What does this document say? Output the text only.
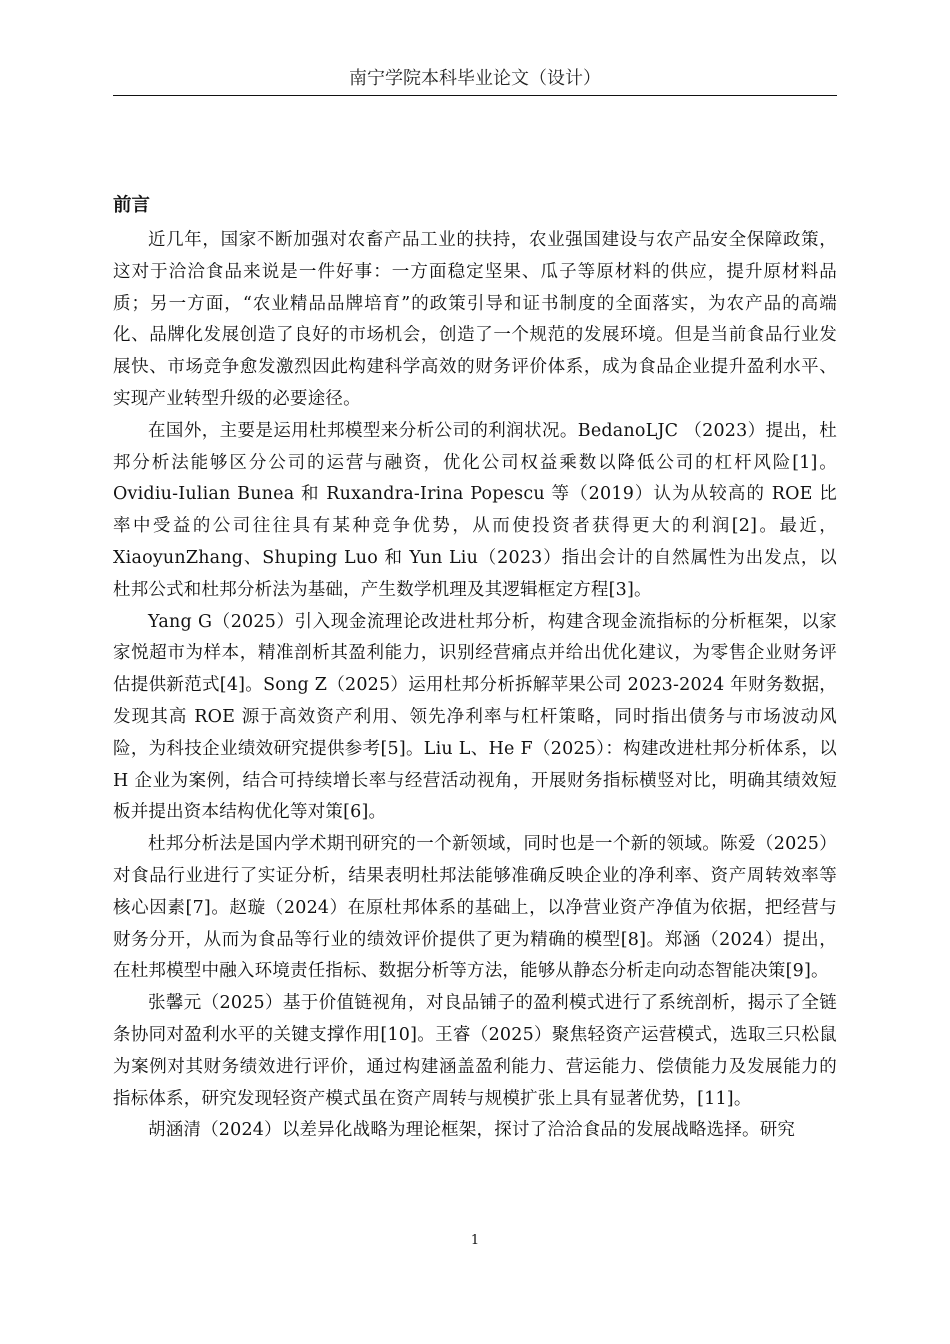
南宁学院本科毕业论文（设计）
前言

近几年，国家不断加强对农畜产品工业的扶持，农业强国建设与农产品安全保障政策，这对于洽洽食品来说是一件好事：一方面稳定坚果、瓜子等原材料的供应，提升原材料品质；另一方面，“农业精品品牌培育”的政策引导和证书制度的全面落实，为农产品的高端化、品牌化发展创造了良好的市场机会，创造了一个规范的发展环境。但是当前食品行业发展快、市场竞争愈发激烈因此构建科学高效的财务评价体系，成为食品企业提升盈利水平、实现产业转型升级的必要途径。

在国外，主要是运用杜邦模型来分析公司的利润状况。BedanoLJC （2023）提出，杜邦分析法能够区分公司的运营与融资，优化公司权益乘数以降低公司的杠杆风险[1]。Ovidiu-Iulian Bunea 和 Ruxandra-Irina Popescu 等（2019）认为从较高的 ROE 比率中受益的公司往往具有某种竞争优势，从而使投资者获得更大的利润[2]。最近，XiaoyunZhang、Shuping Luo 和 Yun Liu（2023）指出会计的自然属性为出发点，以杜邦公式和杜邦分析法为基础，产生数学机理及其逻辑框定方程[3]。

Yang G（2025）引入现金流理论改进杜邦分析，构建含现金流指标的分析框架，以家家悦超市为样本，精准剖析其盈利能力，识别经营痛点并给出优化建议，为零售企业财务评估提供新范式[4]。Song Z（2025）运用杜邦分析拆解苹果公司 2023-2024 年财务数据，发现其高 ROE 源于高效资产利用、领先净利率与杠杆策略，同时指出债务与市场波动风险，为科技企业绩效研究提供参考[5]。Liu L、He F（2025）：构建改进杜邦分析体系，以 H 企业为案例，结合可持续增长率与经营活动视角，开展财务指标横竖对比，明确其绩效短板并提出资本结构优化等对策[6]。

杜邦分析法是国内学术期刊研究的一个新领域，同时也是一个新的领域。陈爱（2025）对食品行业进行了实证分析，结果表明杜邦法能够准确反映企业的净利率、资产周转效率等核心因素[7]。赵璇（2024）在原杜邦体系的基础上，以净营业资产净值为依据，把经营与财务分开，从而为食品等行业的绩效评价提供了更为精确的模型[8]。郑涵（2024）提出，在杜邦模型中融入环境责任指标、数据分析等方法，能够从静态分析走向动态智能决策[9]。

张馨元（2025）基于价值链视角，对良品铺子的盈利模式进行了系统剖析，揭示了全链条协同对盈利水平的关键支撑作用[10]。王睿（2025）聚焦轻资产运营模式，选取三只松鼠为案例对其财务绩效进行评价，通过构建涵盖盈利能力、营运能力、偿债能力及发展能力的指标体系，研究发现轻资产模式虽在资产周转与规模扩张上具有显著优势，[11]。

胡涵清（2024）以差异化战略为理论框架，探讨了洽洽食品的发展战略选择。研究

1
